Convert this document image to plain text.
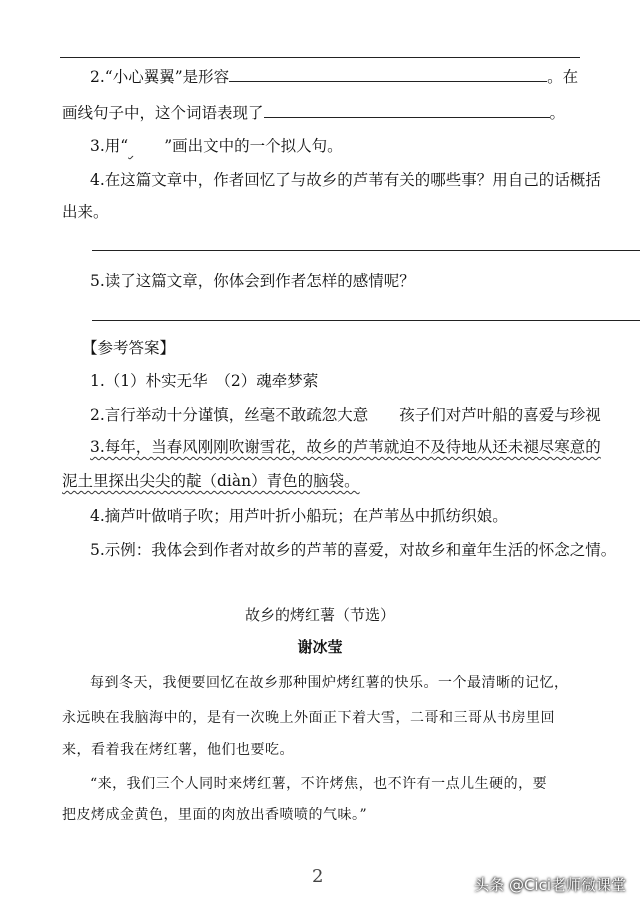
2.“小心翼翼”是形容	。在
画线句子中，这个词语表现了	。
3.用“ ”画出文中的一个拟人句。
4.在这篇文章中，作者回忆了与故乡的芦苇有关的哪些事？用自己的话概括
出来。
5.读了这篇文章，你体会到作者怎样的感情呢？
【参考答案】
1.（1）朴实无华　（2）魂牵梦萦
2.言行举动十分谨慎，丝毫不敢疏忽大意　　孩子们对芦叶船的喜爱与珍视
3.每年，当春风刚刚吹谢雪花，故乡的芦苇就迫不及待地从还未褪尽寒意的
泥土里探出尖尖的靛（diàn）青色的脑袋。
4.摘芦叶做哨子吹；用芦叶折小船玩；在芦苇丛中抓纺织娘。
5.示例：我体会到作者对故乡的芦苇的喜爱，对故乡和童年生活的怀念之情。
故乡的烤红薯（节选）
谢冰莹
每到冬天，我便要回忆在故乡那种围炉烤红薯的快乐。一个最清晰的记忆，
永远映在我脑海中的，是有一次晚上外面正下着大雪，二哥和三哥从书房里回
来，看着我在烤红薯，他们也要吃。
“来，我们三个人同时来烤红薯，不许烤焦，也不许有一点儿生硬的，要
把皮烤成金黄色，里面的肉放出香喷喷的气味。”
2	头条 @Cici老师微课堂
